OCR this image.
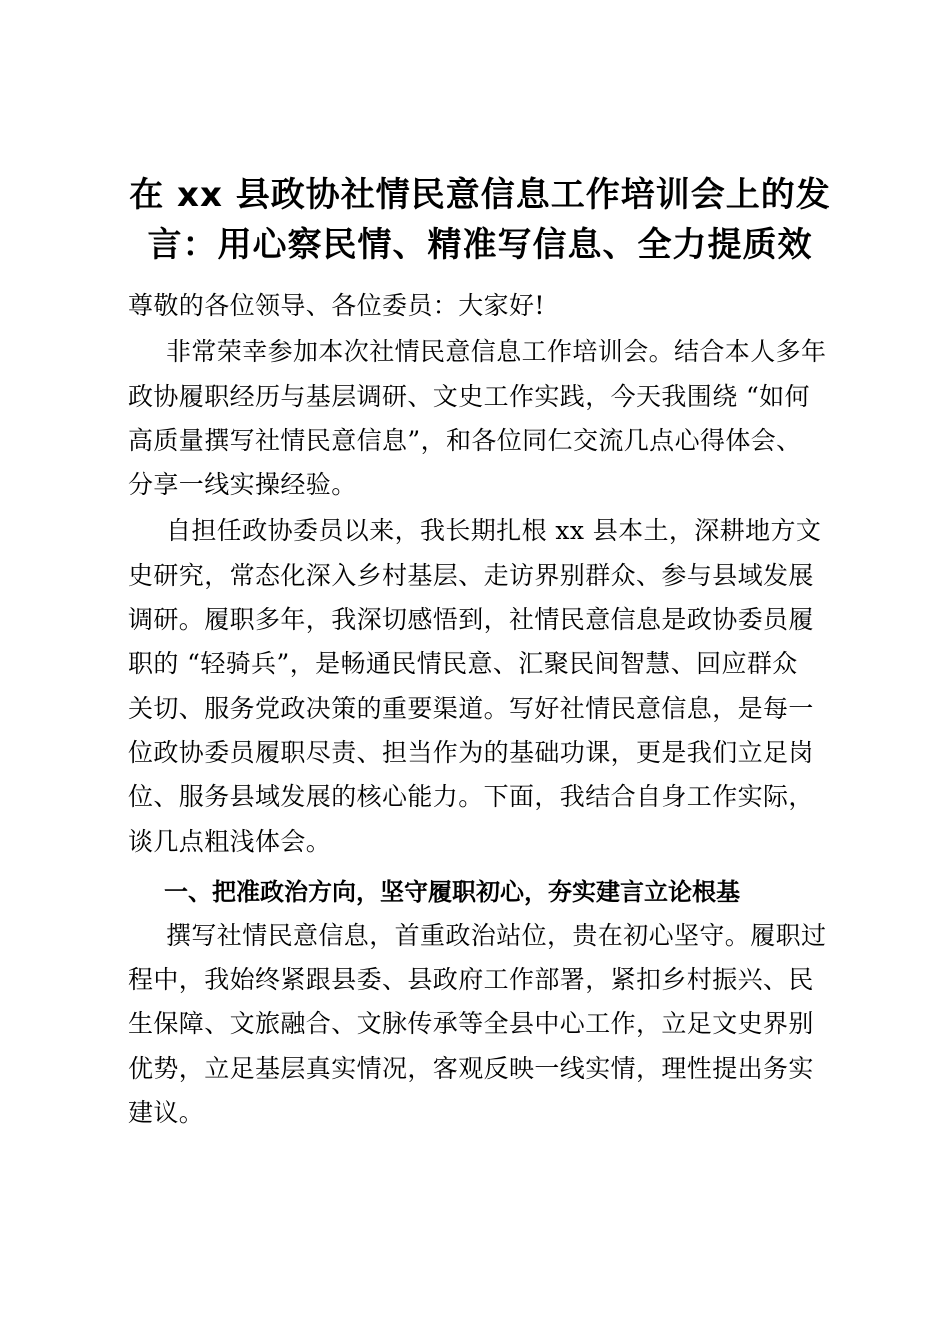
在 xx 县政协社情民意信息工作培训会上的发
言：用心察民情、精准写信息、全力提质效

尊敬的各位领导、各位委员：大家好!

非常荣幸参加本次社情民意信息工作培训会。结合本人多年
政协履职经历与基层调研、文史工作实践，今天我围绕 “如何
高质量撰写社情民意信息”，和各位同仁交流几点心得体会、
分享一线实操经验。

自担任政协委员以来，我长期扎根 xx 县本土，深耕地方文
史研究，常态化深入乡村基层、走访界别群众、参与县域发展
调研。履职多年，我深切感悟到，社情民意信息是政协委员履
职的 “轻骑兵”，是畅通民情民意、汇聚民间智慧、回应群众
关切、服务党政决策的重要渠道。写好社情民意信息，是每一
位政协委员履职尽责、担当作为的基础功课，更是我们立足岗
位、服务县域发展的核心能力。下面，我结合自身工作实际，
谈几点粗浅体会。

一、把准政治方向，坚守履职初心，夯实建言立论根基

撰写社情民意信息，首重政治站位，贵在初心坚守。履职过
程中，我始终紧跟县委、县政府工作部署，紧扣乡村振兴、民
生保障、文旅融合、文脉传承等全县中心工作，立足文史界别
优势，立足基层真实情况，客观反映一线实情，理性提出务实
建议。
